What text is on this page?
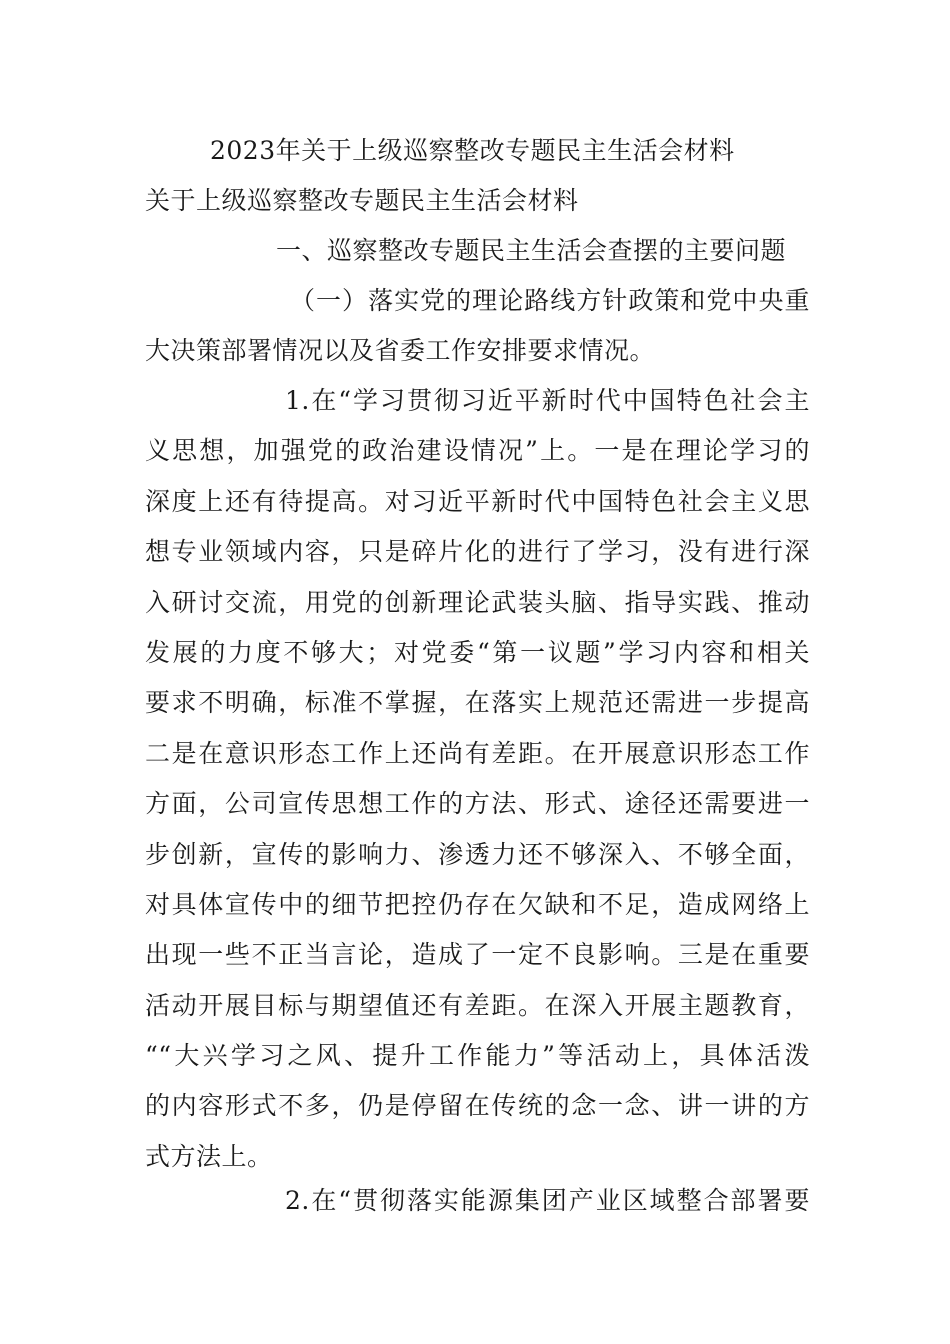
2023年关于上级巡察整改专题民主生活会材料
关于上级巡察整改专题民主生活会材料
一、巡察整改专题民主生活会查摆的主要问题
（一）落实党的理论路线方针政策和党中央重
大决策部署情况以及省委工作安排要求情况。
1.在“学习贯彻习近平新时代中国特色社会主
义思想，加强党的政治建设情况”上。一是在理论学习的
深度上还有待提高。对习近平新时代中国特色社会主义思
想专业领域内容，只是碎片化的进行了学习，没有进行深
入研讨交流，用党的创新理论武装头脑、指导实践、推动
发展的力度不够大；对党委“第一议题”学习内容和相关
要求不明确，标准不掌握，在落实上规范还需进一步提高
二是在意识形态工作上还尚有差距。在开展意识形态工作
方面，公司宣传思想工作的方法、形式、途径还需要进一
步创新，宣传的影响力、渗透力还不够深入、不够全面，
对具体宣传中的细节把控仍存在欠缺和不足，造成网络上
出现一些不正当言论，造成了一定不良影响。三是在重要
活动开展目标与期望值还有差距。在深入开展主题教育，
““大兴学习之风、提升工作能力”等活动上，具体活泼
的内容形式不多，仍是停留在传统的念一念、讲一讲的方
式方法上。
2.在“贯彻落实能源集团产业区域整合部署要
